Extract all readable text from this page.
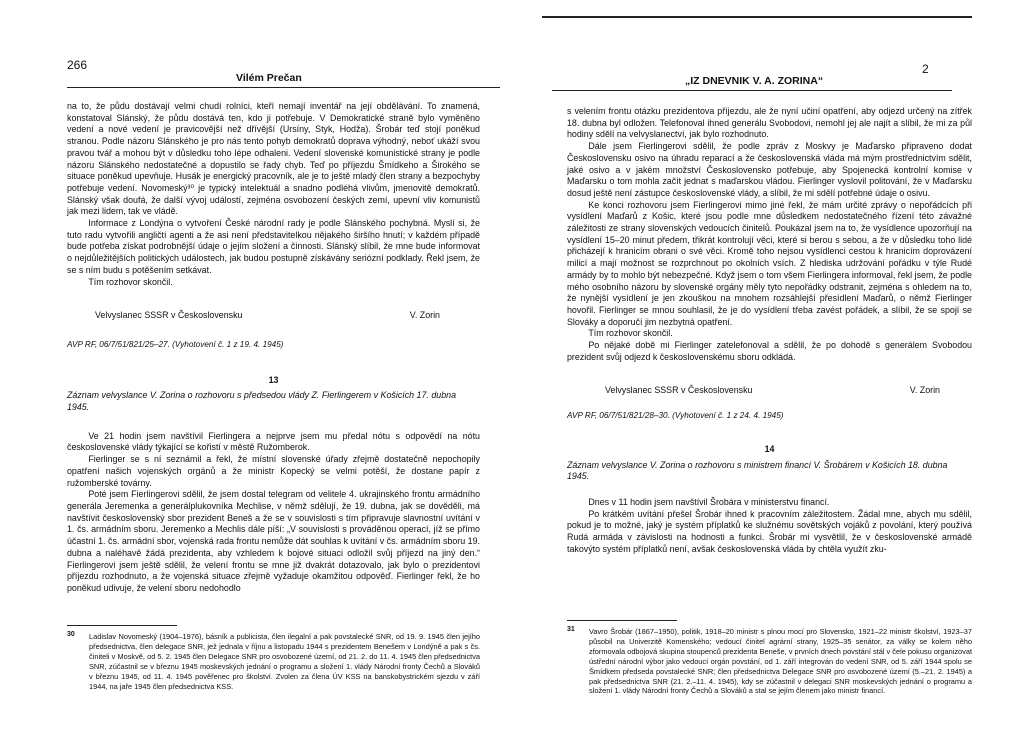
266
Vilém Prečan

na to, že půdu dostávají velmi chudí rolníci, kteří nemají inventář na její obdělávání. To znamená, konstatoval Slánský, že půdu dostává ten, kdo ji potřebuje. V Demokratické straně bylo vyměněno vedení a nové vedení je pravicovější než dřívější (Ursíny, Styk, Hodža). Šrobár teď stojí poněkud stranou. Podle názoru Slánského je pro nás tento pohyb demokratů doprava výhodný, neboť ukáží svou pravou tvář a mohou být v důsledku toho lépe odhaleni. Vedení slovenské komunistické strany je podle názoru Slánského nedostatečné a dopustilo se řady chyb. Teď po příjezdu Šmídkeho a Širokého se situace poněkud upevňuje. Husák je energický pracovník, ale je to ještě mladý člen strany a bezpochyby potřebuje vedení. Novomeský³⁰ je typický intelektuál a snadno podléhá vlivům, jmenovitě demokratů. Slánský však doufá, že další vývoj událostí, zejména osvobození českých zemí, upevní vliv komunistů jak mezi lidem, tak ve vládě.

Informace z Londýna o vytvoření České národní rady je podle Slánského pochybná. Myslí si, že tuto radu vytvořili angličtí agenti a že asi není představitelkou nějakého širšího hnutí; v každém případě bude potřeba získat podrobnější údaje o jejím složení a činnosti. Slánský slíbil, že mne bude informovat o nejdůležitějších politických událostech, jak budou postupně získávány seriózní podklady. Řekl jsem, že se s ním budu s potěšením setkávat.

Tím rozhovor skončil.

Velvyslanec SSSR v Československu	V. Zorin

AVP RF, 06/7/51/821/25–27. (Vyhotovení č. 1 z 19. 4. 1945)

13

Záznam velvyslance V. Zorina o rozhovoru s předsedou vlády Z. Fierlingerem v Košicích 17. dubna 1945.

Ve 21 hodin jsem navštívil Fierlingera a nejprve jsem mu předal nótu s odpovědí na nótu československé vlády týkající se kořistí v městě Ružomberok.

Fierlinger se s ní seznámil a řekl, že místní slovenské úřady zřejmě dostatečně nepochopily opatření našich vojenských orgánů a že ministr Kopecký se velmi potěší, že dostane papír z ružomberské továrny.

Poté jsem Fierlingerovi sdělil, že jsem dostal telegram od velitele 4. ukrajinského frontu armádního generála Jeremenka a generálplukovníka Mechlise, v němž sdělují, že 19. dubna, jak se dověděli, má navštívit československý sbor prezident Beneš a že se v souvislosti s tím připravuje slavnostní uvítání v 1. čs. armádním sboru. Jeremenko a Mechlis dále píší: „V souvislosti s prováděnou operací, jíž se přímo účastní 1. čs. armádní sbor, vojenská rada frontu nemůže dát souhlas k uvítání v čs. armádním sboru 19. dubna a naléhavě žádá prezidenta, aby vzhledem k bojové situaci odložil svůj příjezd na jiný den.“ Fierlingerovi jsem ještě sdělil, že velení frontu se mne již dvakrát dotazovalo, jak bylo o prezidentovi příjezdu rozhodnuto, a že vojenská situace zřejmě vyžaduje okamžitou odpověď. Fierlinger řekl, že ho poněkud udivuje, že velení sboru nedohodlo

30	Ladislav Novomeský (1904–1976), básník a publicista, člen ilegalní a pak povstalecké SNR, od 19. 9. 1945 člen jejího předsednictva, člen delegace SNR, jež jednala v říjnu a listopadu 1944 s prezidentem Benešem v Londýně a pak s čs. činiteli v Moskvě, od 5. 2. 1945 člen Delegace SNR pro osvobozené území, od 21. 2. do 11. 4. 1945 člen předsednictva SNR, zúčastnil se v březnu 1945 moskevských jednání o programu a složení 1. vlády Národní fronty Čechů a Slováků v březnu 1945, od 11. 4. 1945 pověřenec pro školství. Zvolen za člena ÚV KSS na banskobystrickém sjezdu v září 1944, na jaře 1945 člen předsednictva KSS.
2
„IZ DNEVNIK V. A. ZORINA“

s velením frontu otázku prezidentova příjezdu, ale že nyní učiní opatření, aby odjezd určený na zítřek 18. dubna byl odložen. Telefonoval ihned generálu Svobodovi, nemohl jej ale najít a slíbil, že mi za půl hodiny sdělí na velvyslanectví, jak bylo rozhodnuto.

Dále jsem Fierlingerovi sdělil, že podle zpráv z Moskvy je Maďarsko připraveno dodat Československu osivo na úhradu reparací a že československá vláda má mým prostřednictvím sdělit, jaké osivo a v jakém množství Československo potřebuje, aby Spojenecká kontrolní komise v Maďarsku o tom mohla začít jednat s maďarskou vládou. Fierlinger vyslovil politování, že v Maďarsku dosud ještě není zástupce československé vlády, a slíbil, že mi sdělí potřebné údaje o osivu.

Ke konci rozhovoru jsem Fierlingerovi mimo jiné řekl, že mám určité zprávy o nepořádcích při vysídlení Maďarů z Košic, které jsou podle mne důsledkem nedostatečného řízení této závažné záležitosti ze strany slovenských vedoucích činitelů. Poukázal jsem na to, že vysídlence upozorňují na vysídlení 15–20 minut předem, třikrát kontrolují věci, které si berou s sebou, a že v důsledku toho lidé přicházejí k hranicím obrani o své věci. Kromě toho nejsou vysídlenci cestou k hranicím doprovázení milicí a mají možnost se rozprchnout po okolních vsích. Z hlediska udržování pořádku v týle Rudé armády by to mohlo být nebezpečné. Když jsem o tom všem Fierlingera informoval, řekl jsem, že podle mého osobního názoru by slovenské orgány měly tyto nepořádky odstranit, zejména s ohledem na to, že nynější vysídlení je jen zkouškou na mnohem rozsáhlejší přesídlení Maďarů, o němž Fierlinger hovořil. Fierlinger se mnou souhlasil, že je do vysídlení třeba zavést pořádek, a slíbil, že se spojí se Slováky a doporučí jim nezbytná opatření.

Tím rozhovor skončil.

Po nějaké době mi Fierlinger zatelefonoval a sdělil, že po dohodě s generálem Svobodou prezident svůj odjezd k československému sboru odkládá.

Velvyslanec SSSR v Československu	V. Zorin

AVP RF, 06/7/51/821/28–30. (Vyhotovení č. 1 z 24. 4. 1945)

14

Záznam velvyslance V. Zorina o rozhovoru s ministrem financí V. Šrobárem v Košicích 18. dubna 1945.

Dnes v 11 hodin jsem navštívil Šrobára v ministerstvu financí.

Po krátkém uvítání přešel Šrobár ihned k pracovním záležitostem. Žádal mne, abych mu sdělil, pokud je to možné, jaký je systém příplatků ke služnému sovětských vojáků z povolání, který používá Rudá armáda v závislosti na hodnosti a funkci. Šrobár mi vysvětlil, že v československé armádě takovýto systém příplatků není, avšak československá vláda by chtěla využít zku-

31	Vavro Šrobár (1867–1950), politik, 1918–20 ministr s plnou mocí pro Slovensko, 1921–22 ministr školství, 1923–37 působil na Univerzitě Komenského; vedoucí činitel agrární strany, 1925–35 senátor, za války se kolem něho zformovala odbojová skupina stoupenců prezidenta Beneše, v prvních dnech povstání stál v čele pokusu organizovat ústřední národní výbor jako vedoucí orgán povstání, od 1. září integrován do vedení SNR, od 5. září 1944 spolu se Šmídkem předseda povstalecké SNR; člen předsednictva Delegace SNR pro osvobozené území (5.–21. 2. 1945) a pak předsednictva SNR (21. 2.–11. 4. 1945), kdy se zúčastnil v delegaci SNR moskevských jednání o programu a složení 1. vlády Národní fronty Čechů a Slováků a stal se jejím členem jako ministr financí.
